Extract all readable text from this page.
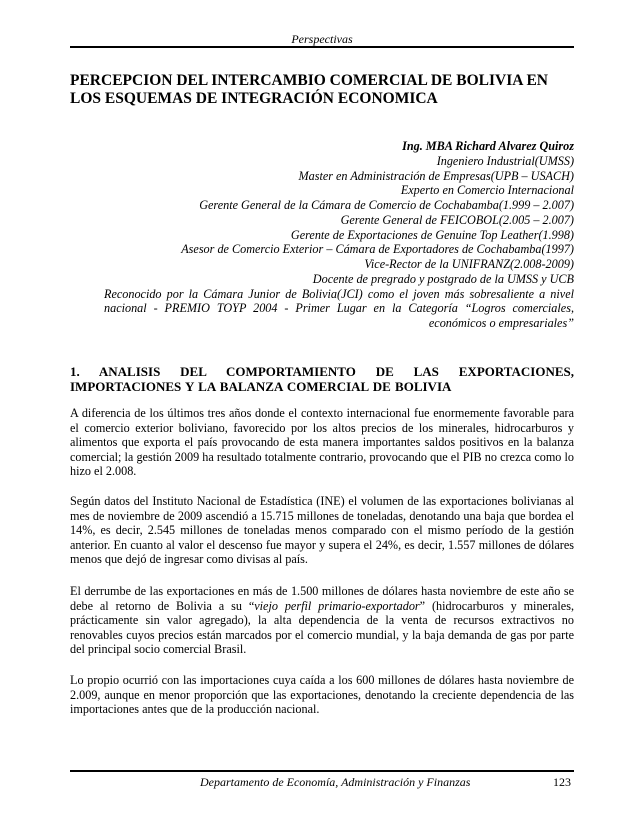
Perspectivas
PERCEPCION DEL INTERCAMBIO COMERCIAL DE BOLIVIA EN LOS ESQUEMAS DE INTEGRACIÓN ECONOMICA
Ing. MBA Richard Alvarez Quiroz
Ingeniero Industrial(UMSS)
Master en Administración de Empresas(UPB – USACH)
Experto en Comercio Internacional
Gerente General de la Cámara de Comercio de Cochabamba(1.999 – 2.007)
Gerente General de FEICOBOL(2.005 – 2.007)
Gerente de Exportaciones de Genuine Top Leather(1.998)
Asesor de Comercio Exterior – Cámara de Exportadores de Cochabamba(1997)
Vice-Rector de la UNIFRANZ(2.008-2009)
Docente de pregrado y postgrado de la UMSS y UCB
Reconocido por la Cámara Junior de Bolivia(JCI) como el joven más sobresaliente a nivel nacional - PREMIO TOYP 2004 - Primer Lugar en la Categoría “Logros comerciales, económicos o empresariales”
1. ANALISIS DEL COMPORTAMIENTO DE LAS EXPORTACIONES, IMPORTACIONES Y LA BALANZA COMERCIAL DE BOLIVIA

A diferencia de los últimos tres años donde el contexto internacional fue enormemente favorable para el comercio exterior boliviano, favorecido por los altos precios de los minerales, hidrocarburos y alimentos que exporta el país provocando de esta manera importantes saldos positivos en la balanza comercial; la gestión 2009 ha resultado totalmente contrario, provocando que el PIB no crezca como lo hizo el 2.008.

Según datos del Instituto Nacional de Estadística (INE) el volumen de las exportaciones bolivianas al mes de noviembre de 2009 ascendió a 15.715 millones de toneladas, denotando una baja que bordea el 14%, es decir, 2.545 millones de toneladas menos comparado con el mismo período de la gestión anterior. En cuanto al valor el descenso fue mayor y supera el 24%, es decir, 1.557 millones de dólares menos que dejó de ingresar como divisas al país.

El derrumbe de las exportaciones en más de 1.500 millones de dólares hasta noviembre de este año se debe al retorno de Bolivia a su “viejo perfil primario-exportador” (hidrocarburos y minerales, prácticamente sin valor agregado), la alta dependencia de la venta de recursos extractivos no renovables cuyos precios están marcados por el comercio mundial, y la baja demanda de gas por parte del principal socio comercial Brasil.

Lo propio ocurrió con las importaciones cuya caída a los 600 millones de dólares hasta noviembre de 2.009, aunque en menor proporción que las exportaciones, denotando la creciente dependencia de las importaciones antes que de la producción nacional.

Departamento de Economía, Administración y Finanzas	123
